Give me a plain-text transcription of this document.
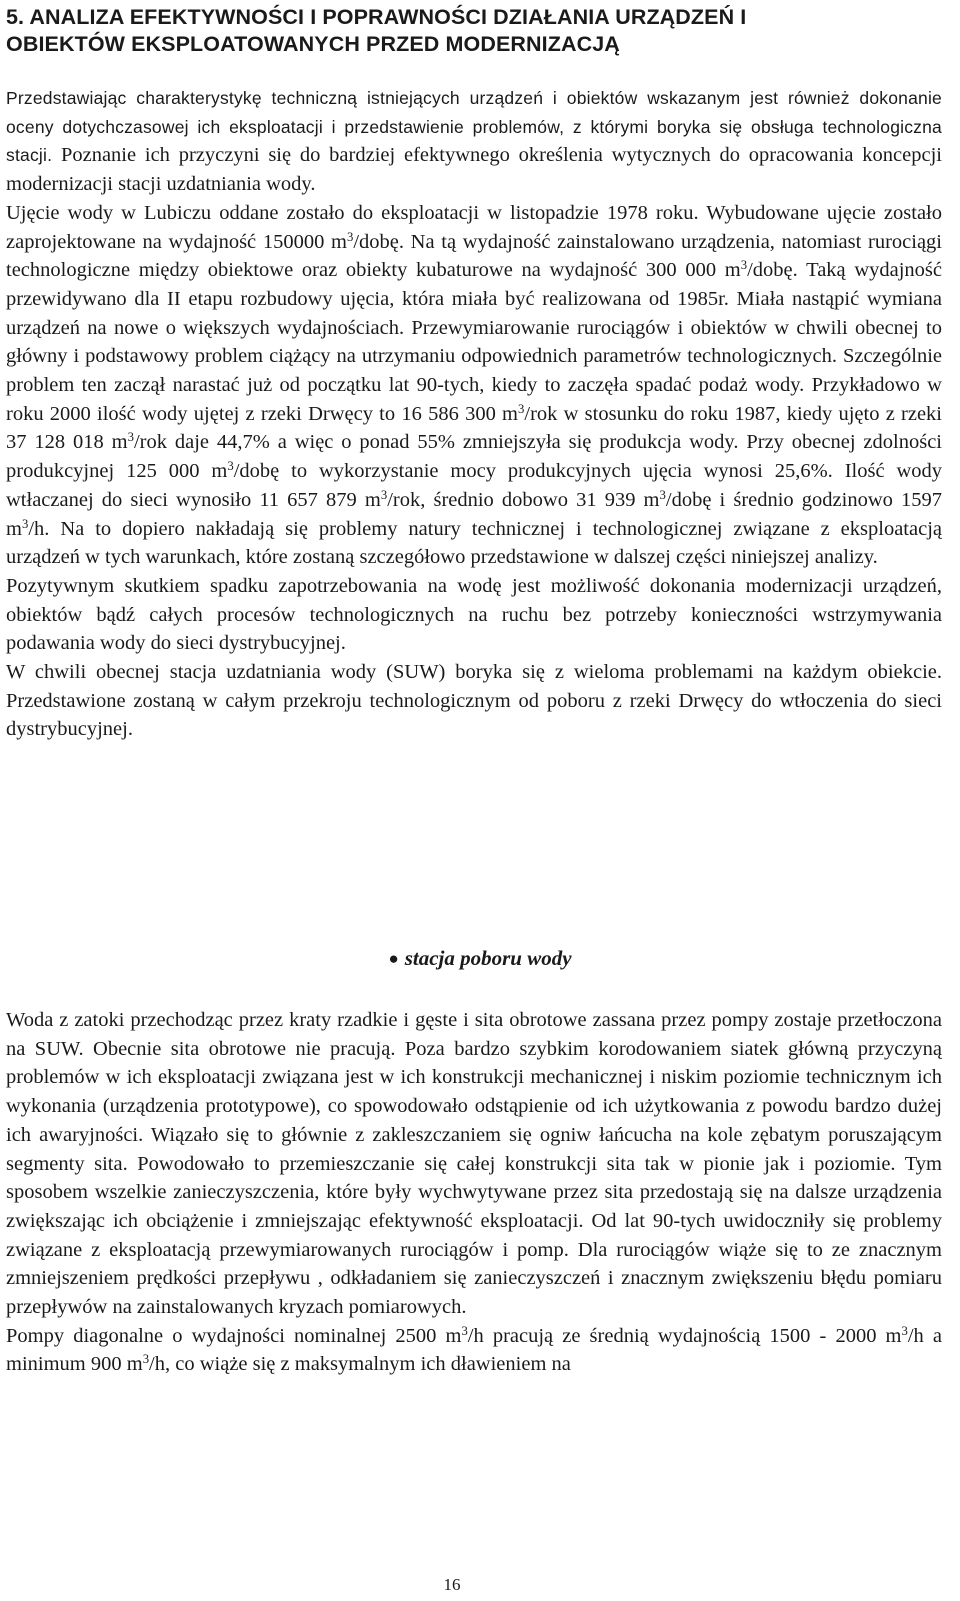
5. ANALIZA EFEKTYWNOŚCI I POPRAWNOŚCI DZIAŁANIA URZĄDZEŃ I
OBIEKTÓW EKSPLOATOWANYCH PRZED MODERNIZACJĄ

Przedstawiając charakterystykę techniczną istniejących urządzeń i obiektów wskazanym jest również dokonanie oceny dotychczasowej ich eksploatacji i przedstawienie problemów, z którymi boryka się obsługa technologiczna stacji. Poznanie ich przyczyni się do bardziej efektywnego określenia wytycznych do opracowania koncepcji modernizacji stacji uzdatniania wody.

Ujęcie wody w Lubiczu oddane zostało do eksploatacji w listopadzie 1978 roku. Wybudowane ujęcie zostało zaprojektowane na wydajność 150000 $m^3$/dobę. Na tą wydajność zainstalowano urządzenia, natomiast rurociągi technologiczne między obiektowe oraz obiekty kubaturowe na wydajność 300 000 $m^3$/dobę. Taką wydajność przewidywano dla II etapu rozbudowy ujęcia, która miała być realizowana od 1985r. Miała nastąpić wymiana urządzeń na nowe o większych wydajnościach. Przewymiarowanie rurociągów i obiektów w chwili obecnej to główny i podstawowy problem ciążący na utrzymaniu odpowiednich parametrów technologicznych. Szczególnie problem ten zaczął narastać już od początku lat 90-tych, kiedy to zaczęła spadać podaż wody. Przykładowo w roku 2000 ilość wody ujętej z rzeki Drwęcy to 16 586 300 $m^3$/rok w stosunku do roku 1987, kiedy ujęto z rzeki 37 128 018 $m^3$/rok daje 44,7% a więc o ponad 55% zmniejszyła się produkcja wody. Przy obecnej zdolności produkcyjnej 125 000 $m^3$/dobę to wykorzystanie mocy produkcyjnych ujęcia wynosi 25,6%. Ilość wody wtłaczanej do sieci wynosiło 11 657 879 $m^3$/rok, średnio dobowo 31 939 $m^3$/dobę i średnio godzinowo 1597 $m^3/h$. Na to dopiero nakładają się problemy natury technicznej i technologicznej związane z eksploatacją urządzeń w tych warunkach, które zostaną szczegółowo przedstawione w dalszej części niniejszej analizy.

Pozytywnym skutkiem spadku zapotrzebowania na wodę jest możliwość dokonania modernizacji urządzeń, obiektów bądź całych procesów technologicznych na ruchu bez potrzeby konieczności wstrzymywania podawania wody do sieci dystrybucyjnej.

W chwili obecnej stacja uzdatniania wody (SUW) boryka się z wieloma problemami na każdym obiekcie. Przedstawione zostaną w całym przekroju technologicznym od poboru z rzeki Drwęcy do wtłoczenia do sieci dystrybucyjnej.

● stacja poboru wody

Woda z zatoki przechodząc przez kraty rzadkie i gęste i sita obrotowe zassana przez pompy zostaje przetłoczona na SUW. Obecnie sita obrotowe nie pracują. Poza bardzo szybkim korodowaniem siatek główną przyczyną problemów w ich eksploatacji związana jest w ich konstrukcji mechanicznej i niskim poziomie technicznym ich wykonania (urządzenia prototypowe), co spowodowało odstąpienie od ich użytkowania z powodu bardzo dużej ich awaryjności. Wiązało się to głównie z zakleszczaniem się ogniw łańcucha na kole zębatym poruszającym segmenty sita. Powodowało to przemieszczanie się całej konstrukcji sita tak w pionie jak i poziomie. Tym sposobem wszelkie zanieczyszczenia, które były wychwytywane przez sita przedostają się na dalsze urządzenia zwiększając ich obciążenie i zmniejszając efektywność eksploatacji. Od lat 90-tych uwidoczniły się problemy związane z eksploatacją przewymiarowanych rurociągów i pomp. Dla rurociągów wiąże się to ze znacznym zmniejszeniem prędkości przepływu , odkładaniem się zanieczyszczeń i znacznym zwiększeniu błędu pomiaru przepływów na zainstalowanych kryzach pomiarowych.

Pompy diagonalne o wydajności nominalnej 2500 $m^3/h$ pracują ze średnią wydajnością 1500 - 2000 $m^3/h$ a minimum 900 $m^3/h$, co wiąże się z maksymalnym ich dławieniem na

16
